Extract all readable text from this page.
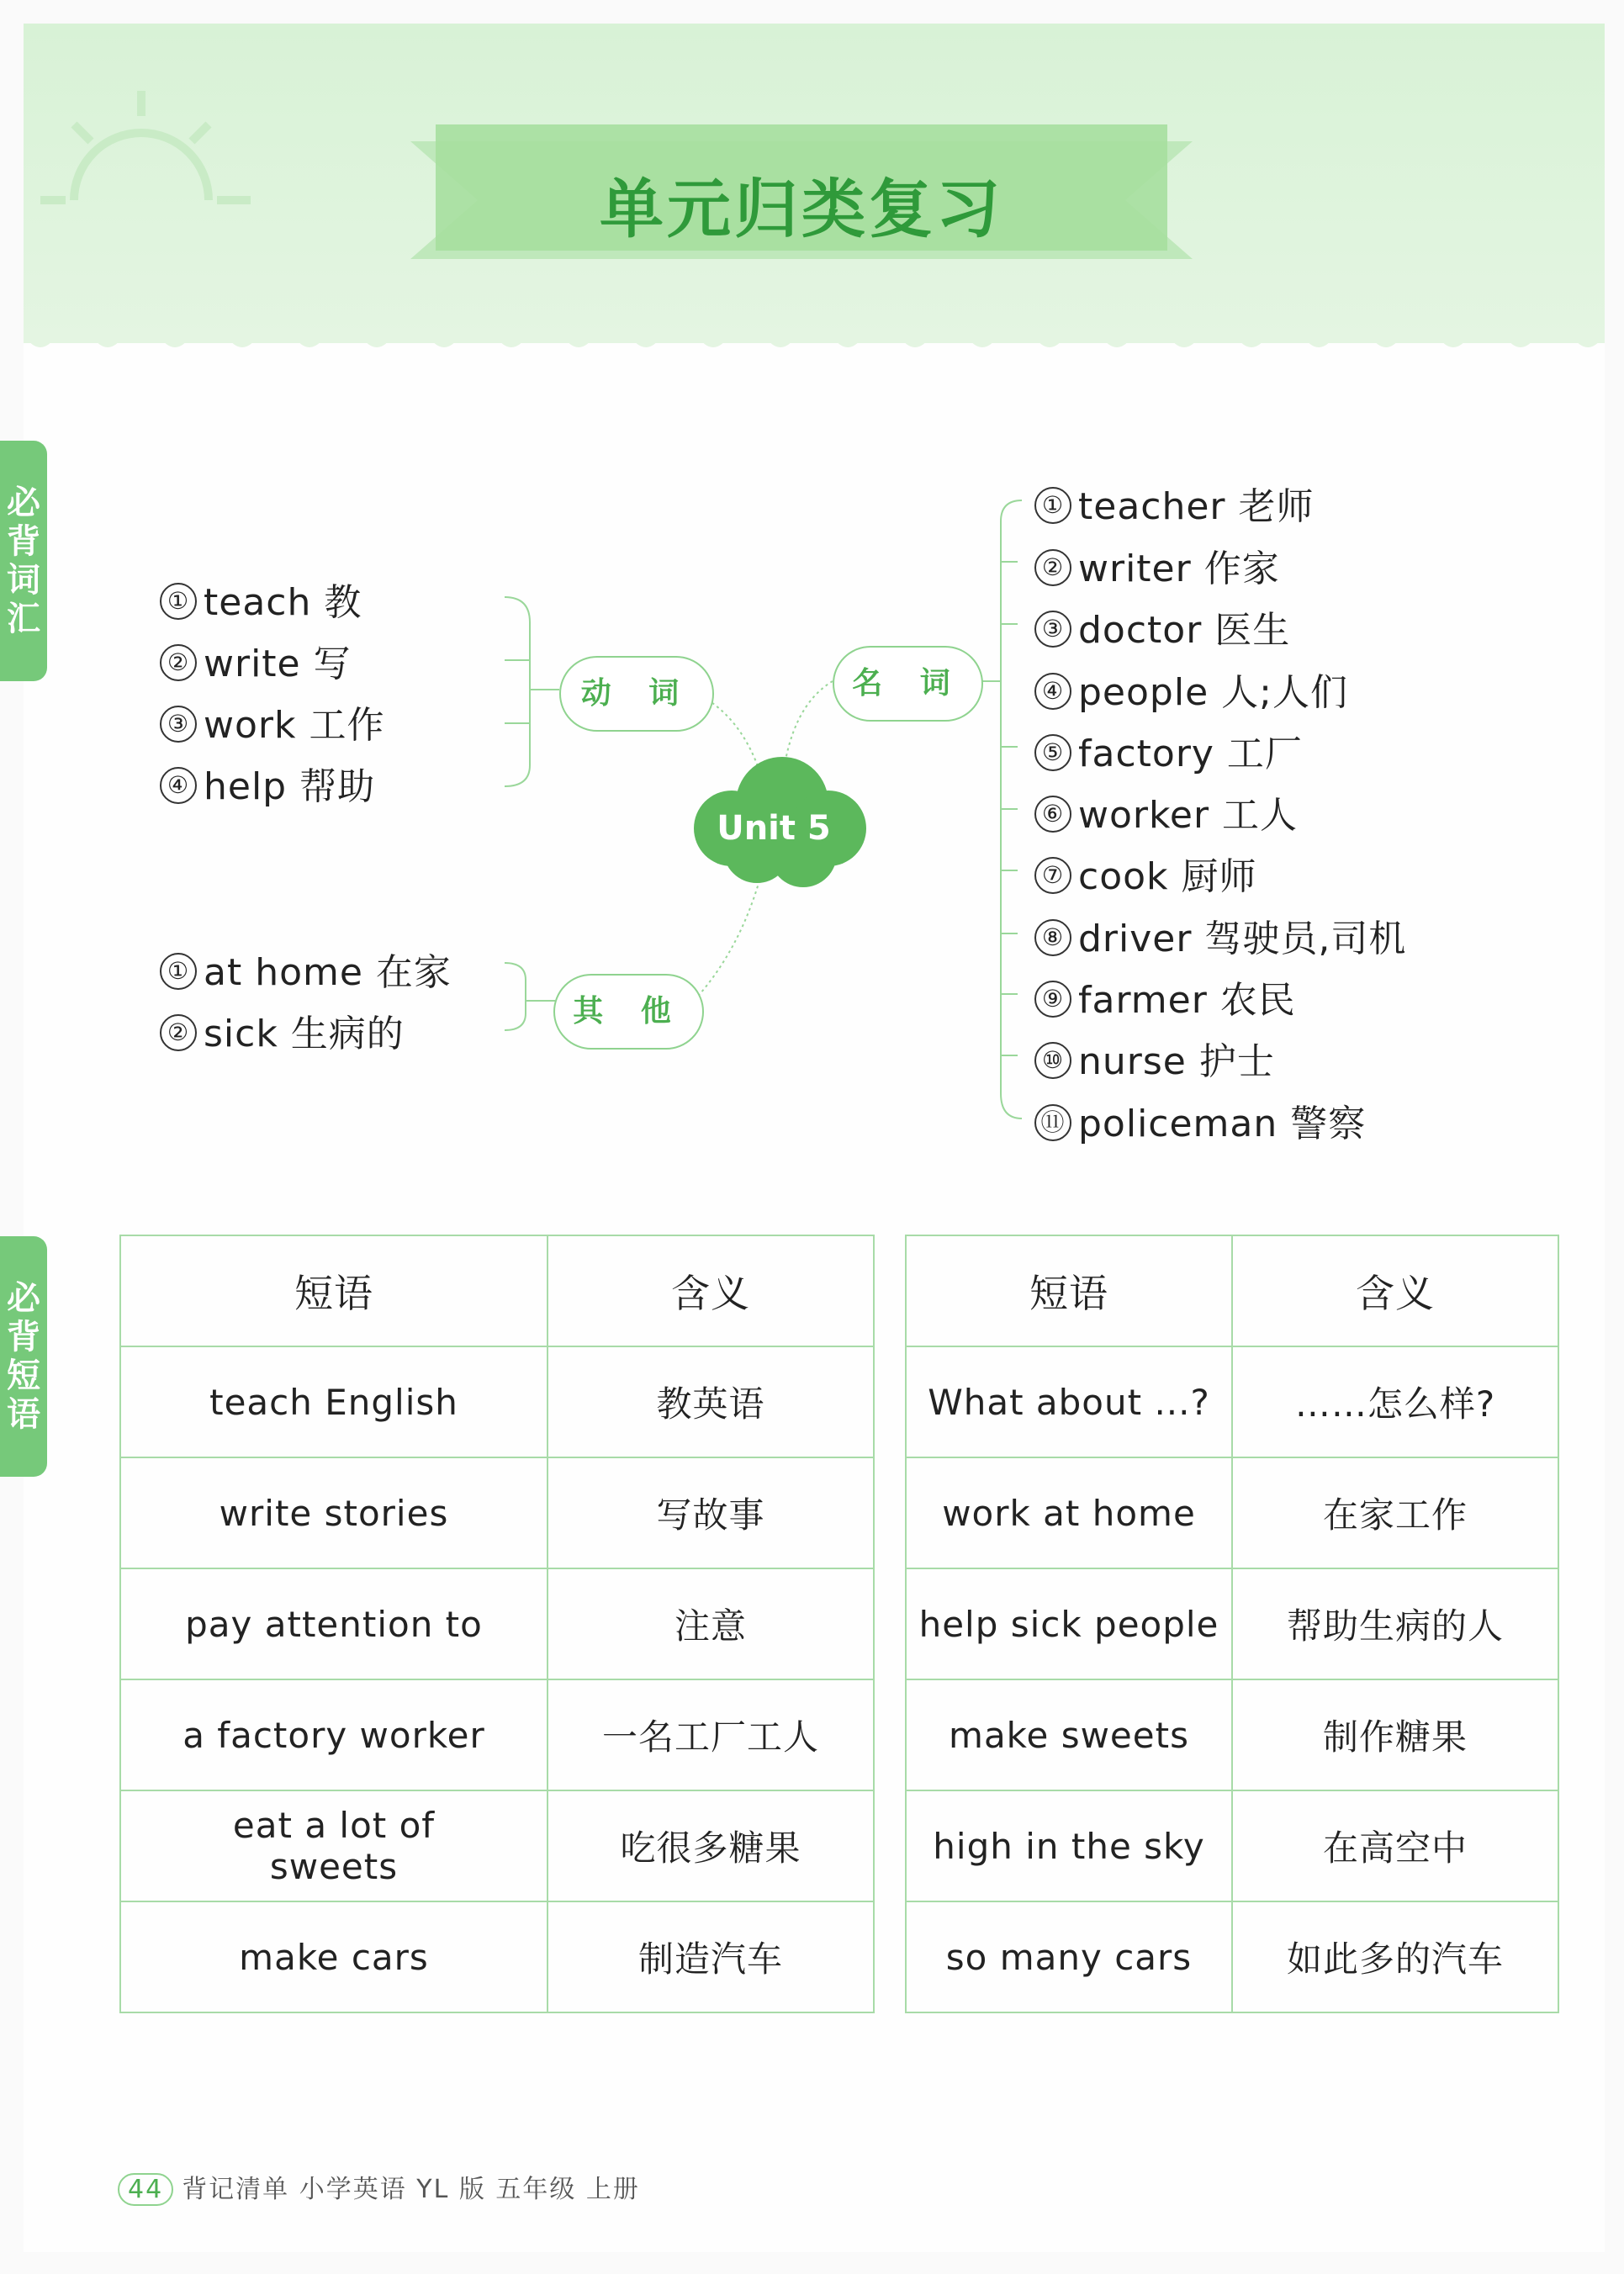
单元归类复习
必
背
词
汇
必
背
短
语
Unit 5
动 词	名 词
其 他
① teach 教
② write 写
③ work 工作
④ help 帮助
① at home 在家
② sick 生病的
① teacher 老师
② writer 作家
③ doctor 医生
④ people 人;人们
⑤ factory 工厂
⑥ worker 工人
⑦ cook 厨师
⑧ driver 驾驶员,司机
⑨ farmer 农民
⑩ nurse 护士
⑪ policeman 警察
短语	含义		短语	含义
teach English	教英语		What about ...?	……怎么样?
write stories	写故事		work at home	在家工作
pay attention to	注意		help sick people	帮助生病的人
a factory worker	一名工厂工人		make sweets	制作糖果
eat a lot of sweets	吃很多糖果		high in the sky	在高空中
make cars	制造汽车		so many cars	如此多的汽车
44 背记清单 小学英语 YL 版 五年级 上册
